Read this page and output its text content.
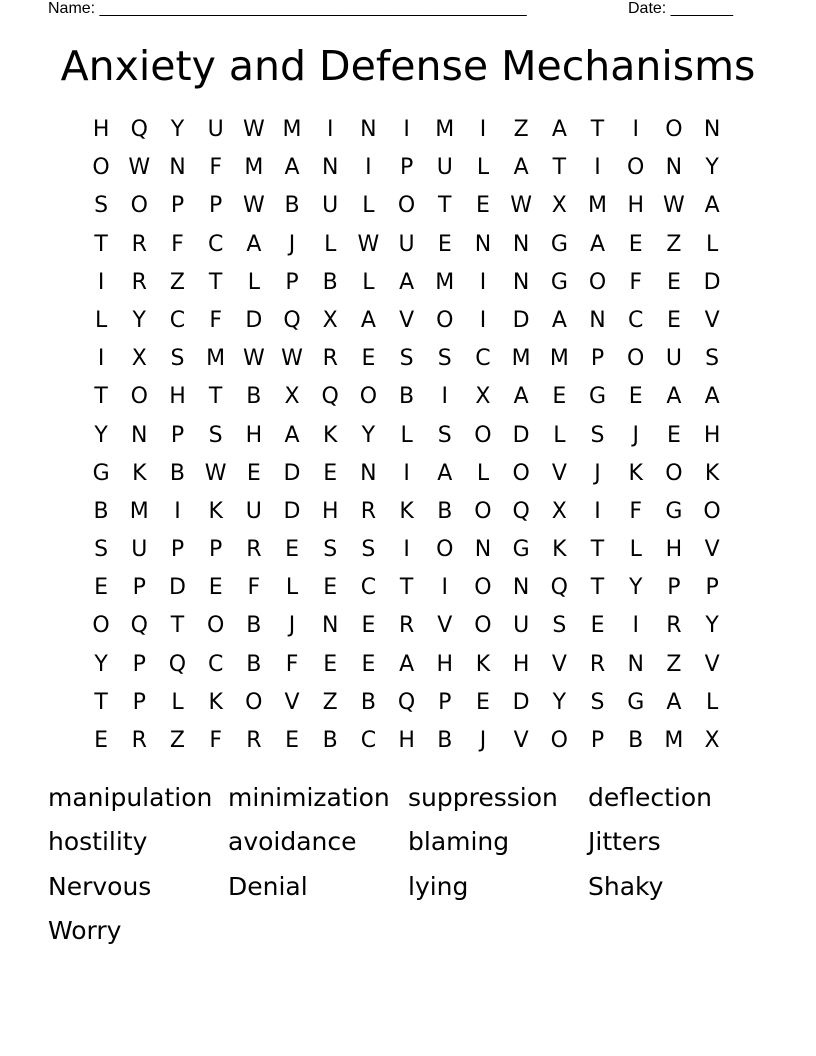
Name: ________________________________________________	Date: _______
Anxiety and Defense Mechanisms
H Q	Y	U W M	I	N	I	M	I	Z	A	T	I	O N
O W N	F	M A	N	I	P	U	L	A	T	I	O N	Y
S	O	P	P W B	U	L	O	T	E W X M H W A
T	R	F	C	A	J	L W U	E	N N G	A	E	Z	L
I	R	Z	T	L	P	B	L	A M	I	N G O	F	E	D
L	Y	C	F	D Q X	A	V O	I	D	A	N	C	E	V
I	X	S M W W R	E	S	S	C M M	P	O U	S
T	O H	T	B	X Q O B	I	X	A	E	G	E	A	A
Y	N	P	S	H	A	K	Y	L	S	O D	L	S	J	E	H
G	K	B W E	D	E	N	I	A	L	O	V	J	K	O	K
B M	I	K	U D H	R	K	B O Q X	I	F	G O
S	U	P	P	R	E	S	S	I	O N G	K	T	L	H	V
E	P	D	E	F	L	E	C	T	I	O N Q	T	Y	P	P
O Q	T	O B	J	N	E	R	V O U	S	E	I	R	Y
Y	P	Q C	B	F	E	E	A	H	K	H	V	R	N	Z	V
T	P	L	K	O	V	Z	B Q	P	E	D	Y	S	G	A	L
E	R	Z	F	R	E	B	C	H	B	J	V O	P	B M X
manipulation minimization suppression	deflection
hostility	avoidance	blaming	Jitters
Nervous	Denial	lying	Shaky
Worry
